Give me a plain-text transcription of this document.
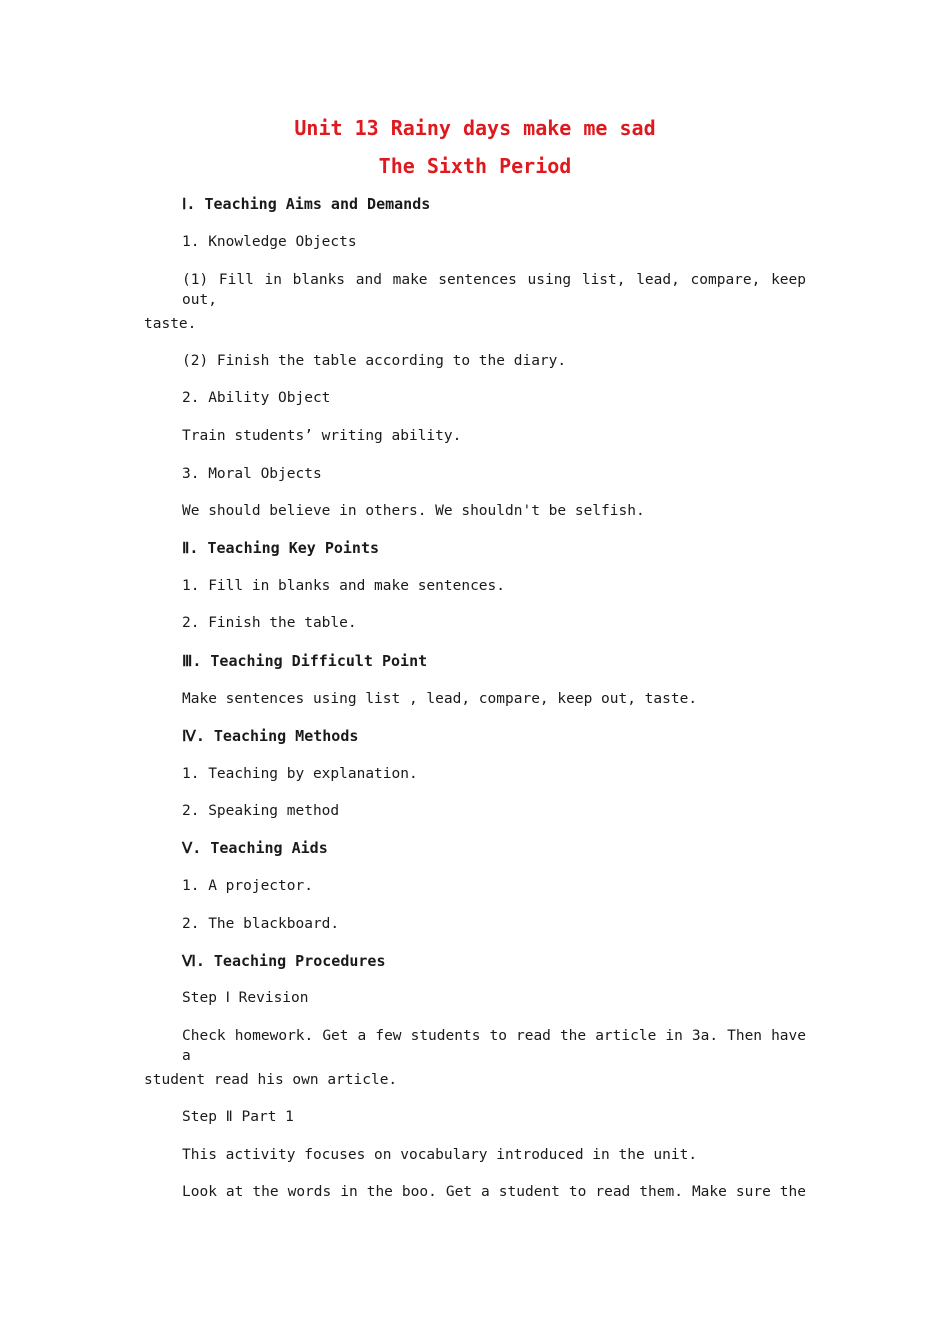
Unit 13 Rainy days make me sad
The Sixth Period
Ⅰ. Teaching Aims and Demands
1. Knowledge Objects
(1) Fill in blanks and make sentences using list, lead, compare, keep out,
taste.
(2) Finish the table according to the diary.
2. Ability Object
Train students’ writing ability.
3. Moral Objects
We should believe in others. We shouldn't be selfish.
Ⅱ. Teaching Key Points
1. Fill in blanks and make sentences.
2. Finish the table.
Ⅲ. Teaching Difficult Point
Make sentences using list , lead, compare, keep out, taste.
Ⅳ. Teaching Methods
1. Teaching by explanation.
2. Speaking method
Ⅴ. Teaching Aids
1. A projector.
2. The blackboard.
Ⅵ. Teaching Procedures
Step Ⅰ Revision
Check homework. Get a few students to read the article in 3a. Then have a
student read his own article.
Step Ⅱ Part 1
This activity focuses on vocabulary introduced in the unit.
Look at the words in the boo. Get a student to read them. Make sure the
